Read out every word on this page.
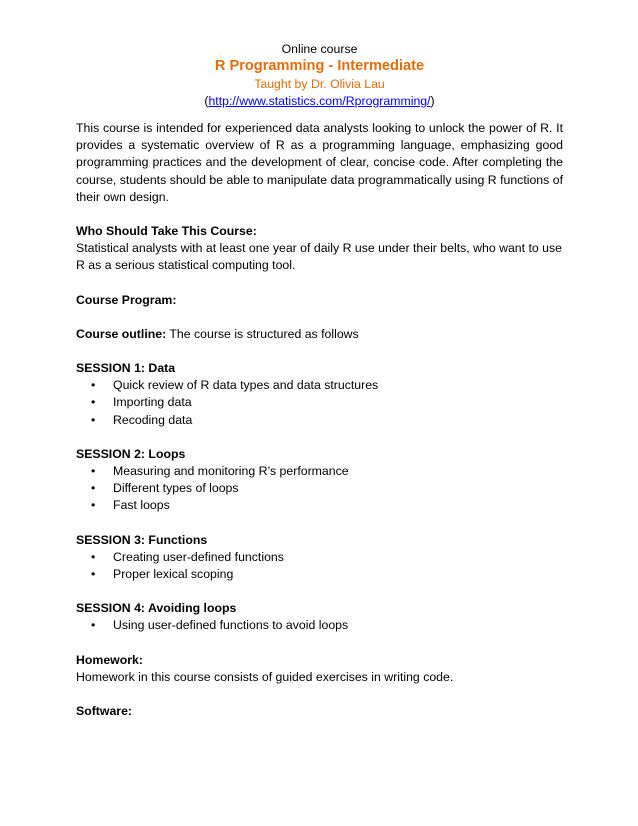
Online course
R Programming - Intermediate
Taught by Dr. Olivia Lau
(http://www.statistics.com/Rprogramming/)

This course is intended for experienced data analysts looking to unlock the power of R. It provides a systematic overview of R as a programming language, emphasizing good programming practices and the development of clear, concise code. After completing the course, students should be able to manipulate data programmatically using R functions of their own design.

Who Should Take This Course:

Statistical analysts with at least one year of daily R use under their belts, who want to use R as a serious statistical computing tool.

Course Program:

Course outline: The course is structured as follows

SESSION 1: Data

• Quick review of R data types and data structures
• Importing data
• Recoding data

SESSION 2: Loops

• Measuring and monitoring R’s performance
• Different types of loops
• Fast loops

SESSION 3: Functions

• Creating user-defined functions
• Proper lexical scoping

SESSION 4: Avoiding loops

• Using user-defined functions to avoid loops

Homework:

Homework in this course consists of guided exercises in writing code.

Software:
